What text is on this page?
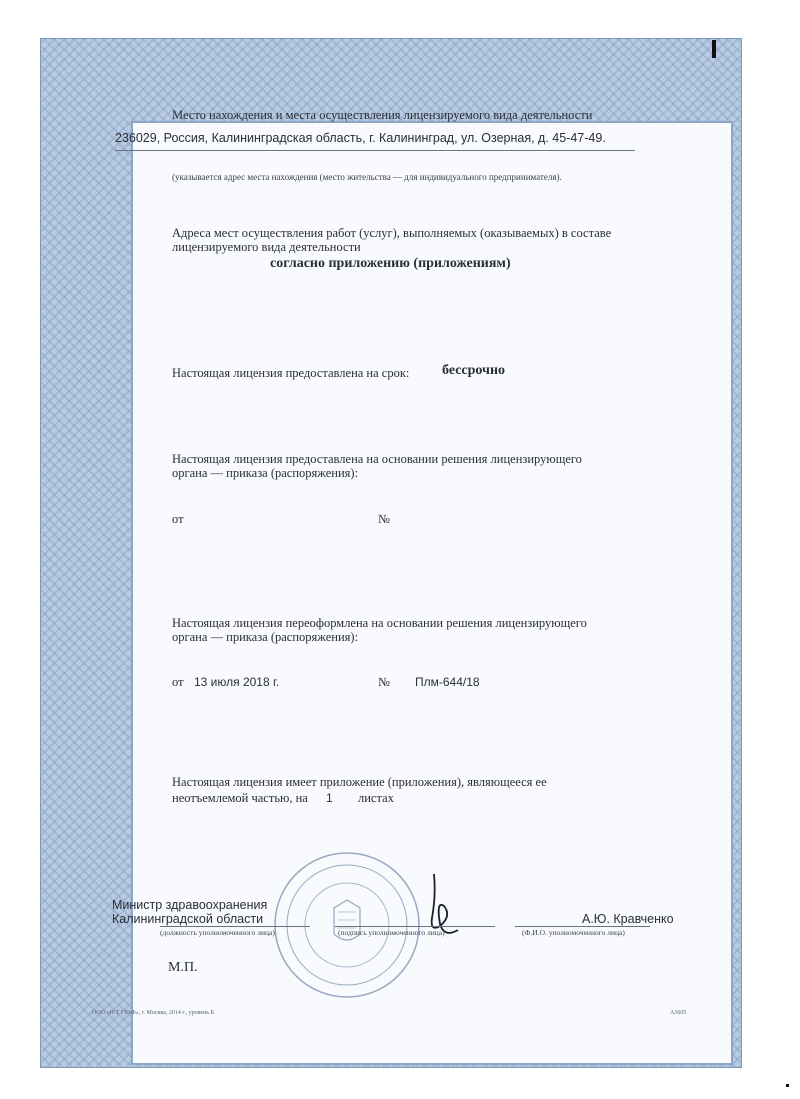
Место нахождения и места осуществления лицензируемого вида деятельности
236029, Россия, Калининградская область, г. Калининград, ул. Озерная, д. 45-47-49.
(указывается адрес места нахождения (место жительства — для индивидуального предпринимателя).
Адреса мест осуществления работ (услуг), выполняемых (оказываемых) в составе
лицензируемого вида деятельности
согласно приложению (приложениям)
Настоящая лицензия предоставлена на срок: бессрочно
Настоящая лицензия предоставлена на основании решения лицензирующего
органа — приказа (распоряжения):
от	№
Настоящая лицензия переоформлена на основании решения лицензирующего
органа — приказа (распоряжения):
от 13 июля 2018 г.	№ Плм-644/18
Настоящая лицензия имеет приложение (приложения), являющееся ее
неотъемлемой частью, на 1 листах
Министр здравоохранения
Калининградской области	А.Ю. Кравченко
(должность уполномоченного лица)	(подпись уполномоченного лица)	(Ф.И.О. уполномоченного лица)
М.П.
ООО «Н-Т ГРАФ», г. Москва, 2014 г., уровень Б	А3605
